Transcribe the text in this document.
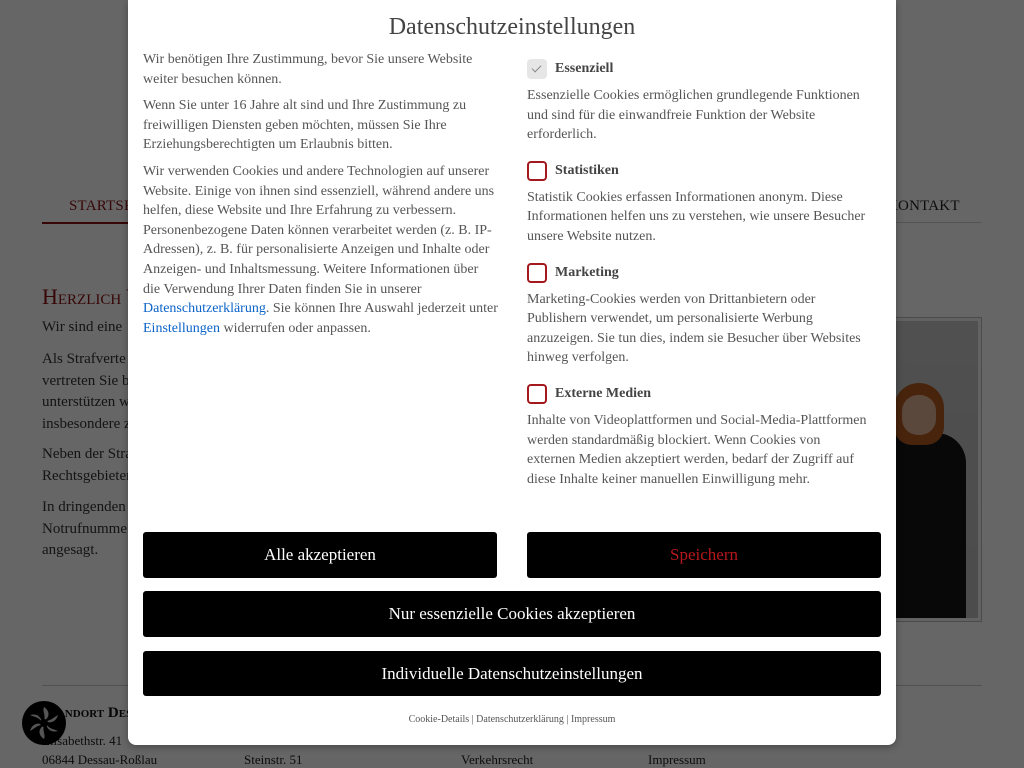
Datenschutzeinstellungen

Wir benötigen Ihre Zustimmung, bevor Sie unsere Website weiter besuchen können.

Wenn Sie unter 16 Jahre alt sind und Ihre Zustimmung zu freiwilligen Diensten geben möchten, müssen Sie Ihre Erziehungsberechtigten um Erlaubnis bitten.

Wir verwenden Cookies und andere Technologien auf unserer Website. Einige von ihnen sind essenziell, während andere uns helfen, diese Website und Ihre Erfahrung zu verbessern. Personenbezogene Daten können verarbeitet werden (z. B. IP-Adressen), z. B. für personalisierte Anzeigen und Inhalte oder Anzeigen- und Inhaltsmessung. Weitere Informationen über die Verwendung Ihrer Daten finden Sie in unserer Datenschutzerklärung. Sie können Ihre Auswahl jederzeit unter Einstellungen widerrufen oder anpassen.

Essenziell
Essenzielle Cookies ermöglichen grundlegende Funktionen und sind für die einwandfreie Funktion der Website erforderlich.
Statistiken
Statistik Cookies erfassen Informationen anonym. Diese Informationen helfen uns zu verstehen, wie unsere Besucher unsere Website nutzen.
Marketing
Marketing-Cookies werden von Drittanbietern oder Publishern verwendet, um personalisierte Werbung anzuzeigen. Sie tun dies, indem sie Besucher über Websites hinweg verfolgen.
Externe Medien
Inhalte von Videoplattformen und Social-Media-Plattformen werden standardmäßig blockiert. Wenn Cookies von externen Medien akzeptiert werden, bedarf der Zugriff auf diese Inhalte keiner manuellen Einwilligung mehr.
Alle akzeptieren	Speichern
Nur essenzielle Cookies akzeptieren
Individuelle Datenschutzeinstellungen
Cookie-Details | Datenschutzerklärung | Impressum
